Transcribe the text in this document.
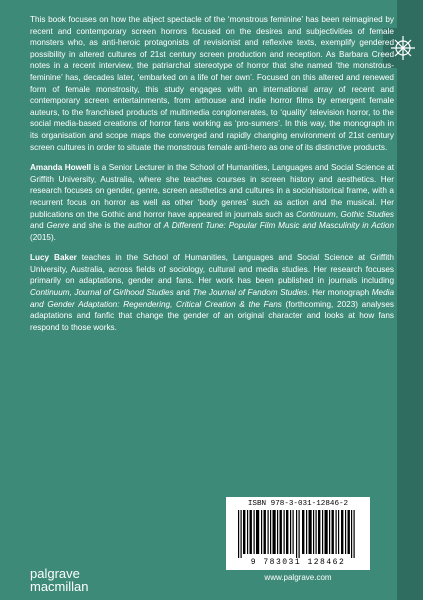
This book focuses on how the abject spectacle of the ‘monstrous feminine’ has been reimagined by recent and contemporary screen horrors focused on the desires and subjectivities of female monsters who, as anti-heroic protagonists of revisionist and reflexive texts, exemplify gendered possibility in altered cultures of 21st century screen production and reception. As Barbara Creed notes in a recent interview, the patriarchal stereotype of horror that she named ‘the monstrous-feminine’ has, decades later, ‘embarked on a life of her own’. Focused on this altered and renewed form of female monstrosity, this study engages with an international array of recent and contemporary screen entertainments, from arthouse and indie horror films by emergent female auteurs, to the franchised products of multimedia conglomerates, to ‘quality’ television horror, to the social media-based creations of horror fans working as ‘pro-sumers’. In this way, the monograph in its organisation and scope maps the converged and rapidly changing environment of 21st century screen cultures in order to situate the monstrous female anti-hero as one of its distinctive products.

Amanda Howell is a Senior Lecturer in the School of Humanities, Languages and Social Science at Griffith University, Australia, where she teaches courses in screen history and aesthetics. Her research focuses on gender, genre, screen aesthetics and cultures in a sociohistorical frame, with a recurrent focus on horror as well as other ‘body genres’ such as action and the musical. Her publications on the Gothic and horror have appeared in journals such as Continuum, Gothic Studies and Genre and she is the author of A Different Tune: Popular Film Music and Masculinity in Action (2015).

Lucy Baker teaches in the School of Humanities, Languages and Social Science at Griffith University, Australia, across fields of sociology, cultural and media studies. Her research focuses primarily on adaptations, gender and fans. Her work has been published in journals including Continuum, Journal of Girlhood Studies and The Journal of Fandom Studies. Her monograph Media and Gender Adaptation: Regendering, Critical Creation & the Fans (forthcoming, 2023) analyses adaptations and fanfic that change the gender of an original character and looks at how fans respond to those works.

ISBN 978-3-031-12846-2
9 783031 128462
www.palgrave.com
palgrave
macmillan
